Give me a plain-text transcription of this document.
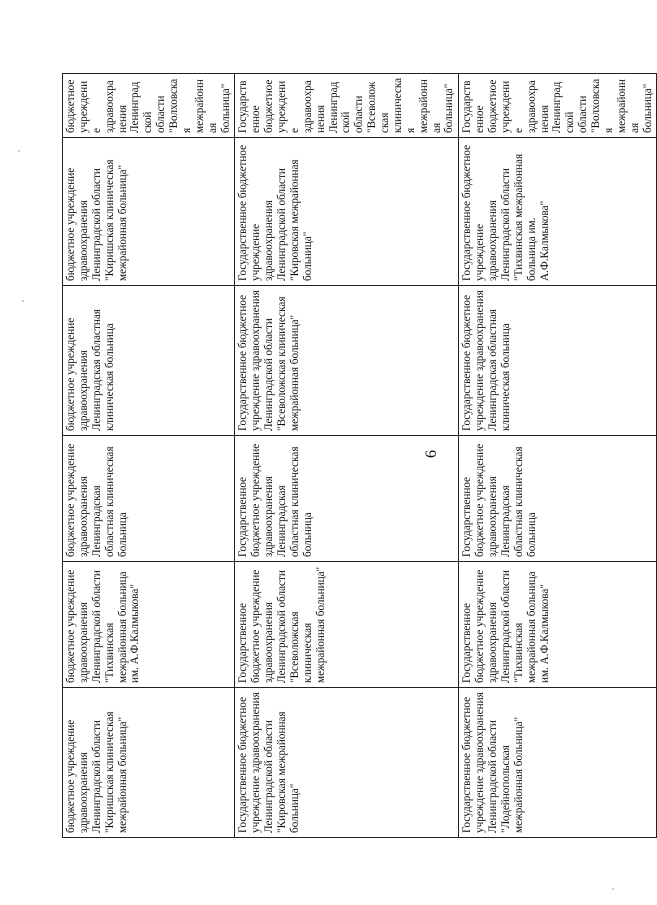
6
бюджетное учреждение здравоохранения Ленинградской области "Киришская клиническая межрайонная больница"	бюджетное учреждение здравоохранения Ленинградской области "Тихвинская межрайонная больница им. А.Ф.Калмыкова"	бюджетное учреждение здравоохранения Ленинградская областная клиническая больница	бюджетное учреждение здравоохранения Ленинградская областная клиническая больница	бюджетное учреждение здравоохранения Ленинградской области "Киришская клиническая межрайонная больница"	бюджетное учреждение здравоохранения Ленинградской области "Волховская межрайонная больница"
Государственное бюджетное учреждение здравоохранения Ленинградской области "Кировская межрайонная больница"	Государственное бюджетное учреждение здравоохранения Ленинградской области "Всеволожская клиническая межрайонная больница"	Государственное бюджетное учреждение здравоохранения Ленинградская областная клиническая больница	Государственное бюджетное учреждение здравоохранения Ленинградской области "Всеволожская клиническая межрайонная больница"	Государственное бюджетное учреждение здравоохранения Ленинградской области "Кировская межрайонная больница"	Государственное бюджетное учреждение здравоохранения Ленинградской области "Всеволожская клиническая межрайонная больница"
Государственное бюджетное учреждение здравоохранения Ленинградской области "Лодейнопольская межрайонная больница"	Государственное бюджетное учреждение здравоохранения Ленинградской области "Тихвинская межрайонная больница им. А.Ф.Калмыкова"	Государственное бюджетное учреждение здравоохранения Ленинградская областная клиническая больница	Государственное бюджетное учреждение здравоохранения Ленинградская областная клиническая больница	Государственное бюджетное учреждение здравоохранения Ленинградской области "Тихвинская межрайонная больница им. А.Ф.Калмыкова"	Государственное бюджетное учреждение здравоохранения Ленинградской области "Волховская межрайонная больница"
